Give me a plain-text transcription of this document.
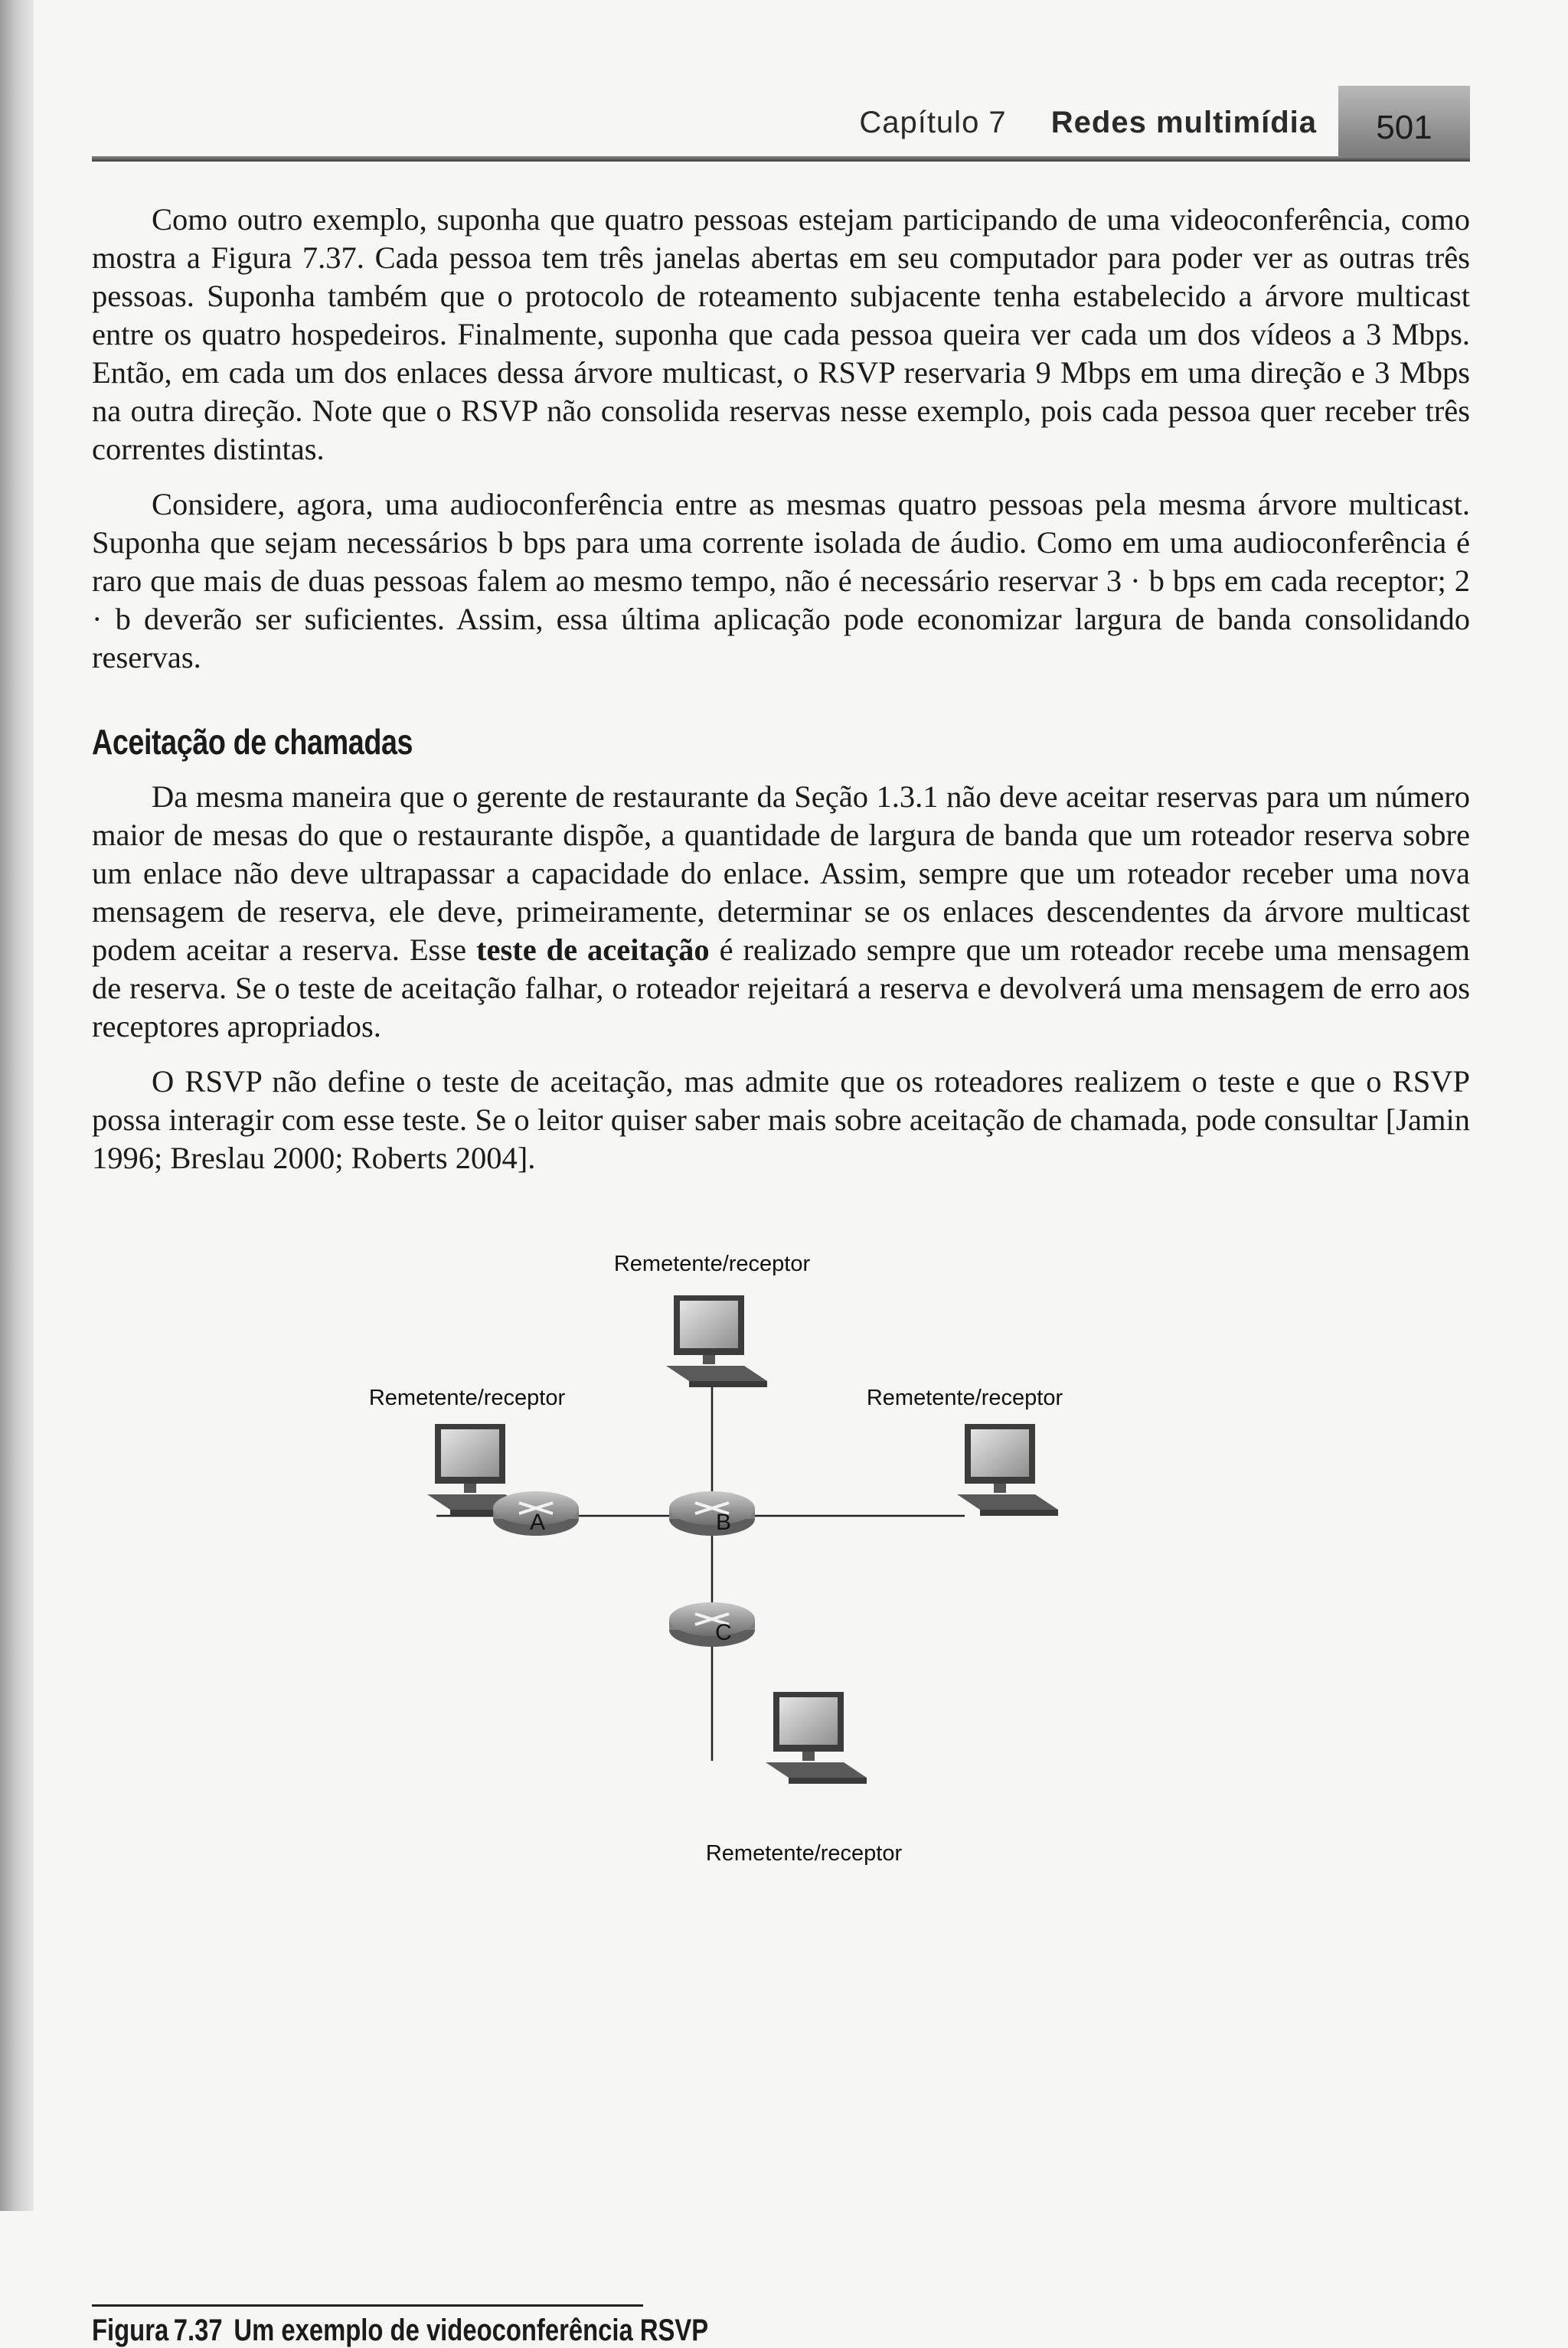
Capítulo 7 Redes multimídia	501

Como outro exemplo, suponha que quatro pessoas estejam participando de uma videoconferência, como mostra a Figura 7.37. Cada pessoa tem três janelas abertas em seu computador para poder ver as outras três pessoas. Suponha também que o protocolo de roteamento subjacente tenha estabelecido a árvore multicast entre os quatro hospedeiros. Finalmente, suponha que cada pessoa queira ver cada um dos vídeos a 3 Mbps. Então, em cada um dos enlaces dessa árvore multicast, o RSVP reservaria 9 Mbps em uma direção e 3 Mbps na outra direção. Note que o RSVP não consolida reservas nesse exemplo, pois cada pessoa quer receber três correntes distintas.

Considere, agora, uma audioconferência entre as mesmas quatro pessoas pela mesma árvore multicast. Suponha que sejam necessários b bps para uma corrente isolada de áudio. Como em uma audioconferência é raro que mais de duas pessoas falem ao mesmo tempo, não é necessário reservar 3 · b bps em cada receptor; 2 · b deverão ser suficientes. Assim, essa última aplicação pode economizar largura de banda consolidando reservas.

Aceitação de chamadas

Da mesma maneira que o gerente de restaurante da Seção 1.3.1 não deve aceitar reservas para um número maior de mesas do que o restaurante dispõe, a quantidade de largura de banda que um roteador reserva sobre um enlace não deve ultrapassar a capacidade do enlace. Assim, sempre que um roteador receber uma nova mensagem de reserva, ele deve, primeiramente, determinar se os enlaces descendentes da árvore multicast podem aceitar a reserva. Esse teste de aceitação é realizado sempre que um roteador recebe uma mensagem de reserva. Se o teste de aceitação falhar, o roteador rejeitará a reserva e devolverá uma mensagem de erro aos receptores apropriados.

O RSVP não define o teste de aceitação, mas admite que os roteadores realizem o teste e que o RSVP possa interagir com esse teste. Se o leitor quiser saber mais sobre aceitação de chamada, pode consultar [Jamin 1996; Breslau 2000; Roberts 2004].

A	B
C
Remetente/receptor
Remetente/receptor	Remetente/receptor
Remetente/receptor
Figura 7.37 Um exemplo de videoconferência RSVP
